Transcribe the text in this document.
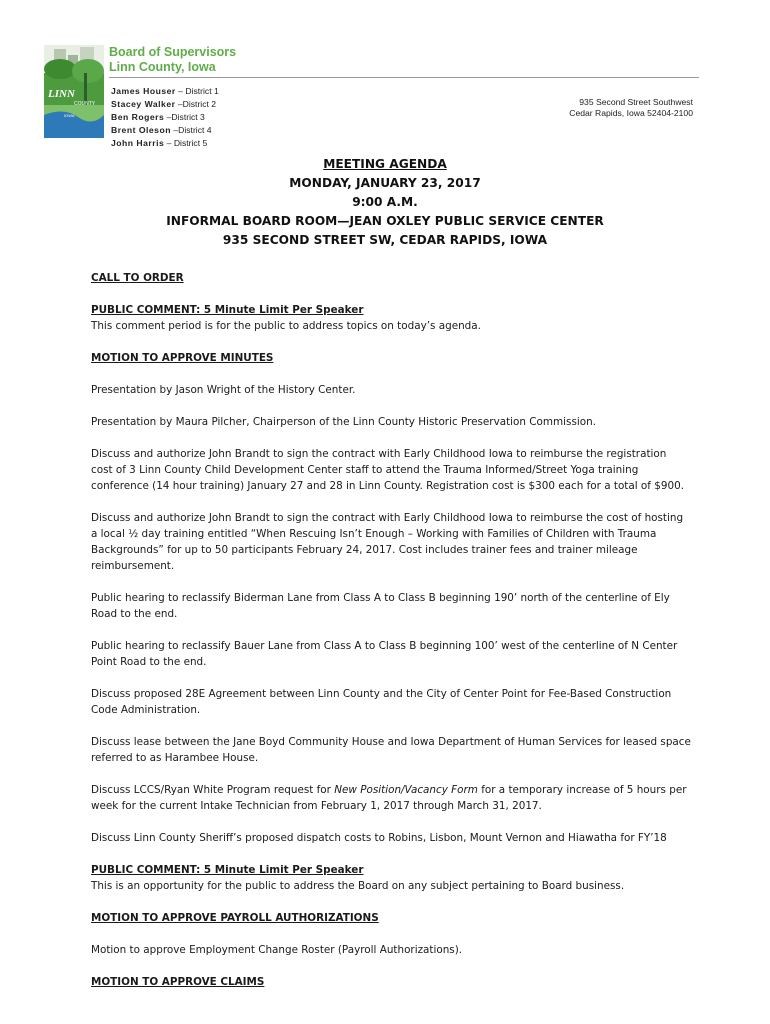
LINN
COUNTY
IOWA
Board of Supervisors
Linn County, Iowa
James Houser – District 1
Stacey Walker –District 2
Ben Rogers –District 3
Brent Oleson –District 4
John Harris – District 5
935 Second Street Southwest
Cedar Rapids, Iowa 52404-2100
MEETING AGENDA
MONDAY, JANUARY 23, 2017
9:00 A.M.
INFORMAL BOARD ROOM—JEAN OXLEY PUBLIC SERVICE CENTER
935 SECOND STREET SW, CEDAR RAPIDS, IOWA
CALL TO ORDER
PUBLIC COMMENT: 5 Minute Limit Per Speaker
This comment period is for the public to address topics on today’s agenda.
MOTION TO APPROVE MINUTES
Presentation by Jason Wright of the History Center.
Presentation by Maura Pilcher, Chairperson of the Linn County Historic Preservation Commission.
Discuss and authorize John Brandt to sign the contract with Early Childhood Iowa to reimburse the registration cost of 3 Linn County Child Development Center staff to attend the Trauma Informed/Street Yoga training conference (14 hour training) January 27 and 28 in Linn County. Registration cost is $300 each for a total of $900.
Discuss and authorize John Brandt to sign the contract with Early Childhood Iowa to reimburse the cost of hosting a local ½ day training entitled “When Rescuing Isn’t Enough – Working with Families of Children with Trauma Backgrounds” for up to 50 participants February 24, 2017. Cost includes trainer fees and trainer mileage reimbursement.
Public hearing to reclassify Biderman Lane from Class A to Class B beginning 190’ north of the centerline of Ely Road to the end.
Public hearing to reclassify Bauer Lane from Class A to Class B beginning 100’ west of the centerline of N Center Point Road to the end.
Discuss proposed 28E Agreement between Linn County and the City of Center Point for Fee-Based Construction Code Administration.
Discuss lease between the Jane Boyd Community House and Iowa Department of Human Services for leased space referred to as Harambee House.
Discuss LCCS/Ryan White Program request for New Position/Vacancy Form for a temporary increase of 5 hours per week for the current Intake Technician from February 1, 2017 through March 31, 2017.
Discuss Linn County Sheriff’s proposed dispatch costs to Robins, Lisbon, Mount Vernon and Hiawatha for FY’18
PUBLIC COMMENT: 5 Minute Limit Per Speaker
This is an opportunity for the public to address the Board on any subject pertaining to Board business.
MOTION TO APPROVE PAYROLL AUTHORIZATIONS
Motion to approve Employment Change Roster (Payroll Authorizations).
MOTION TO APPROVE CLAIMS
